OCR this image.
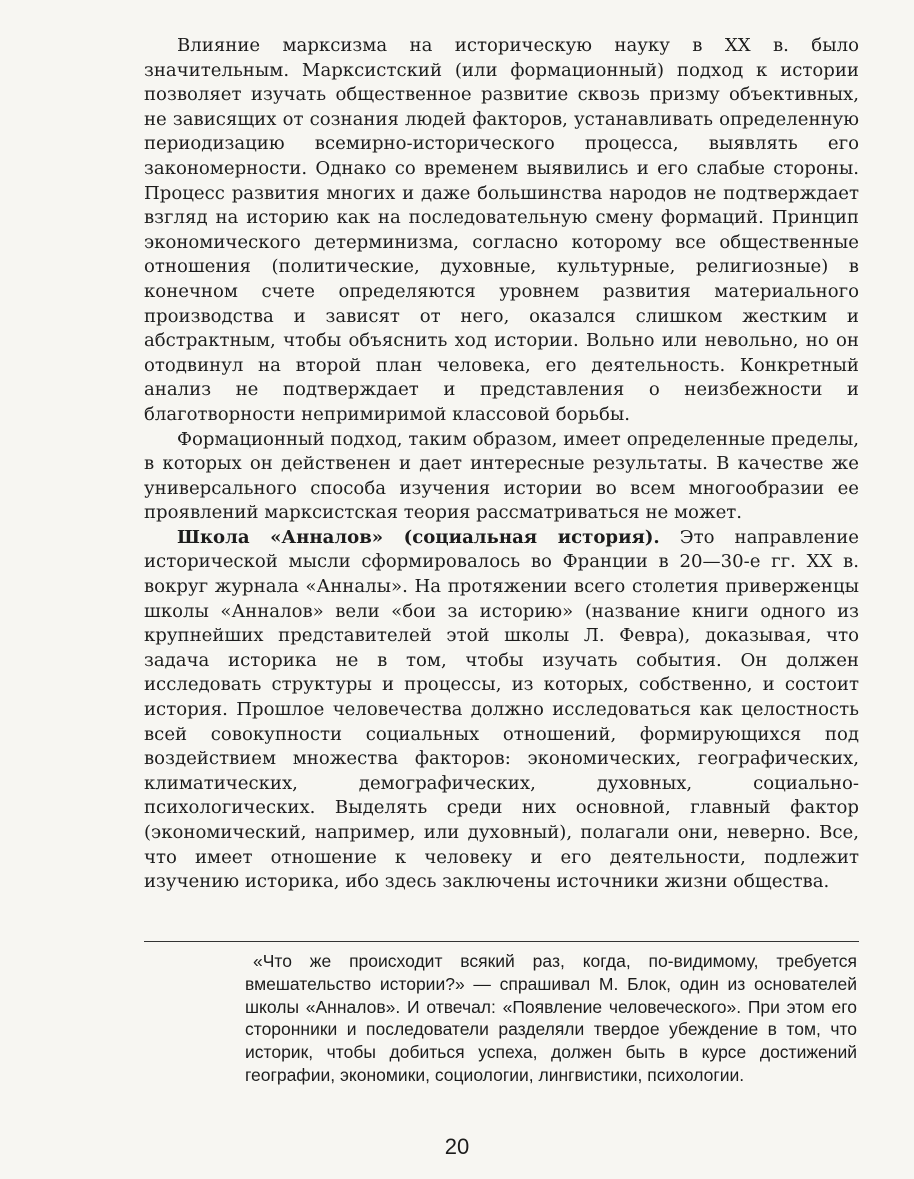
Влияние марксизма на историческую науку в XX в. было значительным. Марксистский (или формационный) подход к истории позволяет изучать общественное развитие сквозь призму объективных, не зависящих от сознания людей факторов, устанавливать определенную периодизацию всемирно-исторического процесса, выявлять его закономерности. Однако со временем выявились и его слабые стороны. Процесс развития многих и даже большинства народов не подтверждает взгляд на историю как на последовательную смену формаций. Принцип экономического детерминизма, согласно которому все общественные отношения (политические, духовные, культурные, религиозные) в конечном счете определяются уровнем развития материального производства и зависят от него, оказался слишком жестким и абстрактным, чтобы объяснить ход истории. Вольно или невольно, но он отодвинул на второй план человека, его деятельность. Конкретный анализ не подтверждает и представления о неизбежности и благотворности непримиримой классовой борьбы.

Формационный подход, таким образом, имеет определенные пределы, в которых он действенен и дает интересные результаты. В качестве же универсального способа изучения истории во всем многообразии ее проявлений марксистская теория рассматриваться не может.

Школа «Анналов» (социальная история). Это направление исторической мысли сформировалось во Франции в 20—30-е гг. XX в. вокруг журнала «Анналы». На протяжении всего столетия приверженцы школы «Анналов» вели «бои за историю» (название книги одного из крупнейших представителей этой школы Л. Февра), доказывая, что задача историка не в том, чтобы изучать события. Он должен исследовать структуры и процессы, из которых, собственно, и состоит история. Прошлое человечества должно исследоваться как целостность всей совокупности социальных отношений, формирующихся под воздействием множества факторов: экономических, географических, климатических, демографических, духовных, социально-психологических. Выделять среди них основной, главный фактор (экономический, например, или духовный), полагали они, неверно. Все, что имеет отношение к человеку и его деятельности, подлежит изучению историка, ибо здесь заключены источники жизни общества.

«Что же происходит всякий раз, когда, по-видимому, требуется вмешательство истории?» — спрашивал М. Блок, один из основателей школы «Анналов». И отвечал: «Появление человеческого». При этом его сторонники и последователи разделяли твердое убеждение в том, что историк, чтобы добиться успеха, должен быть в курсе достижений географии, экономики, социологии, лингвистики, психологии.
20
